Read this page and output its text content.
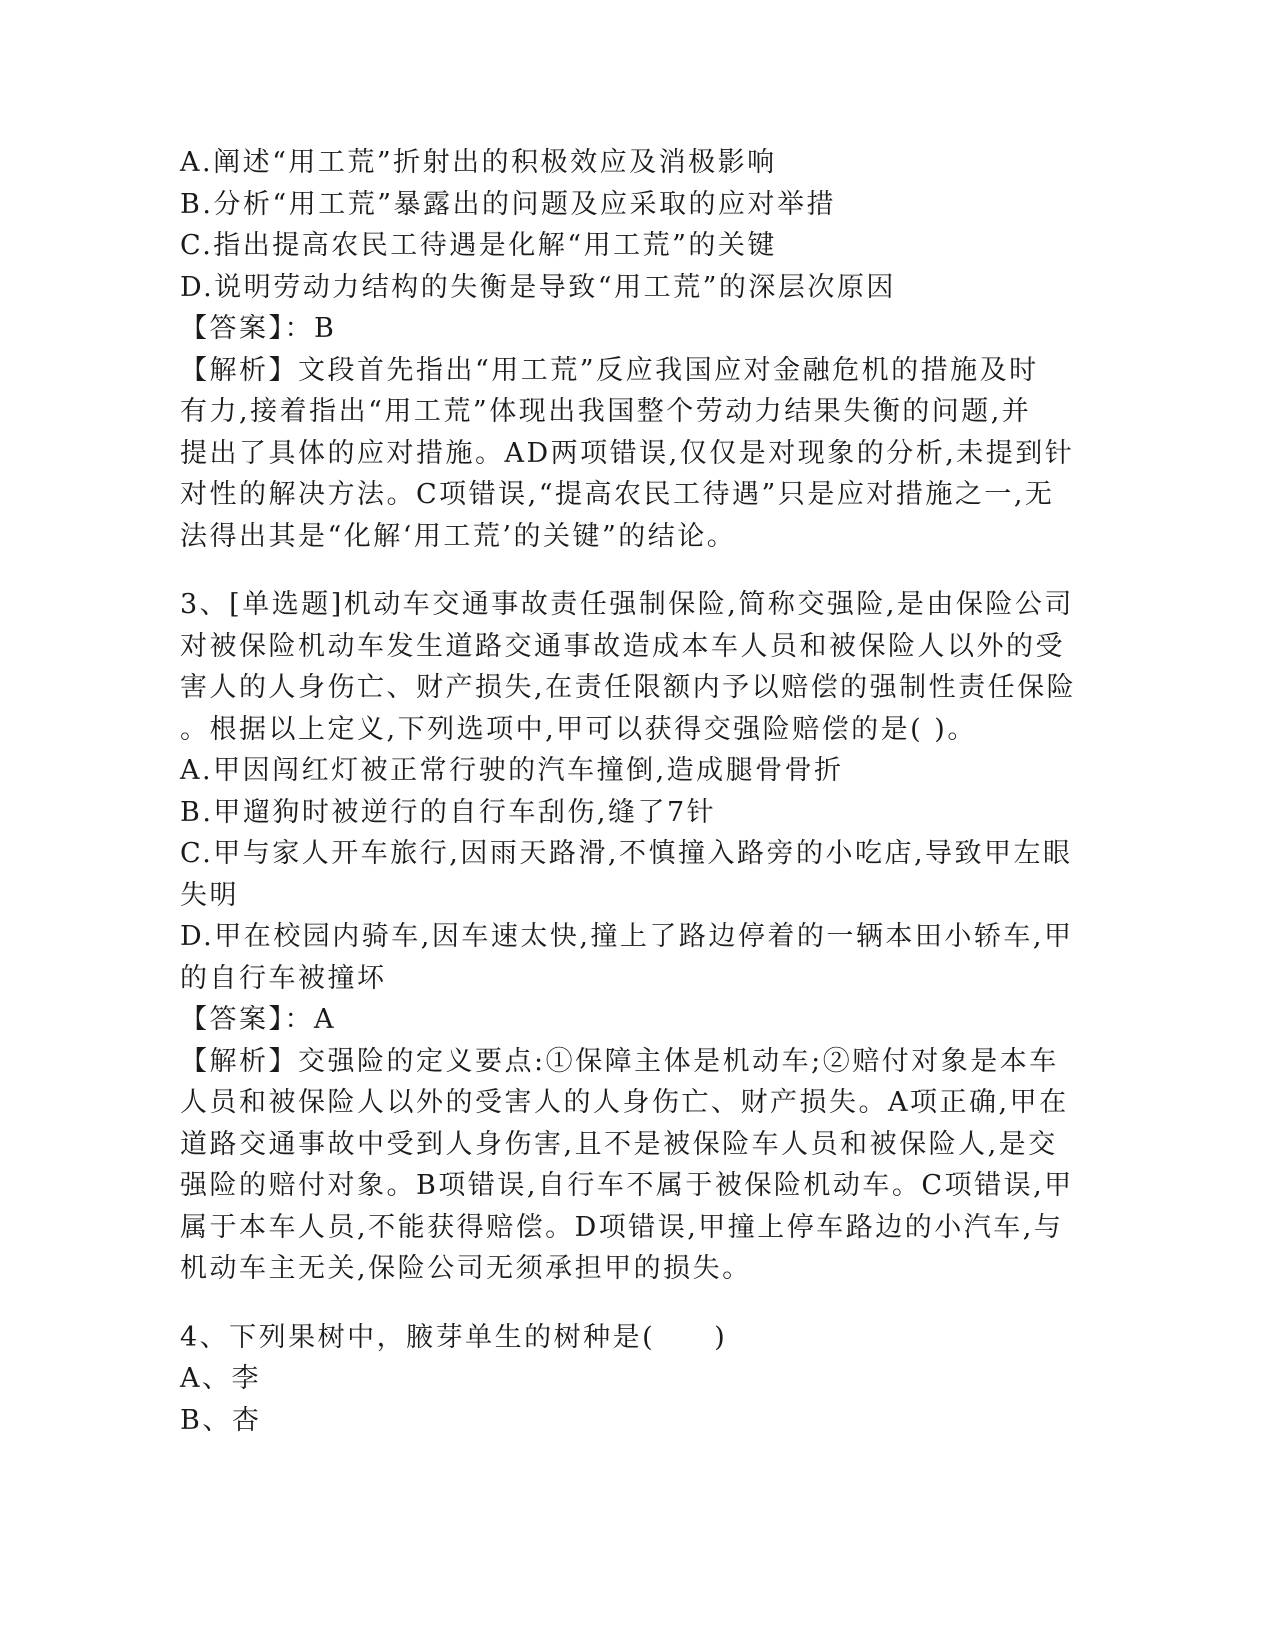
A.阐述“用工荒”折射出的积极效应及消极影响
B.分析“用工荒”暴露出的问题及应采取的应对举措
C.指出提高农民工待遇是化解“用工荒”的关键
D.说明劳动力结构的失衡是导致“用工荒”的深层次原因
【答案】：B
【解析】文段首先指出“用工荒”反应我国应对金融危机的措施及时
有力,接着指出“用工荒”体现出我国整个劳动力结果失衡的问题,并
提出了具体的应对措施。AD两项错误,仅仅是对现象的分析,未提到针
对性的解决方法。C项错误,“提高农民工待遇”只是应对措施之一,无
法得出其是“化解‘用工荒’的关键”的结论。
3、[单选题]机动车交通事故责任强制保险,简称交强险,是由保险公司
对被保险机动车发生道路交通事故造成本车人员和被保险人以外的受
害人的人身伤亡、财产损失,在责任限额内予以赔偿的强制性责任保险
。根据以上定义,下列选项中,甲可以获得交强险赔偿的是( )。
A.甲因闯红灯被正常行驶的汽车撞倒,造成腿骨骨折
B.甲遛狗时被逆行的自行车刮伤,缝了7针
C.甲与家人开车旅行,因雨天路滑,不慎撞入路旁的小吃店,导致甲左眼
失明
D.甲在校园内骑车,因车速太快,撞上了路边停着的一辆本田小轿车,甲
的自行车被撞坏
【答案】：A
【解析】交强险的定义要点:①保障主体是机动车;②赔付对象是本车
人员和被保险人以外的受害人的人身伤亡、财产损失。A项正确,甲在
道路交通事故中受到人身伤害,且不是被保险车人员和被保险人,是交
强险的赔付对象。B项错误,自行车不属于被保险机动车。C项错误,甲
属于本车人员,不能获得赔偿。D项错误,甲撞上停车路边的小汽车,与
机动车主无关,保险公司无须承担甲的损失。
4、下列果树中，腋芽单生的树种是(　　)
A、李
B、杏
